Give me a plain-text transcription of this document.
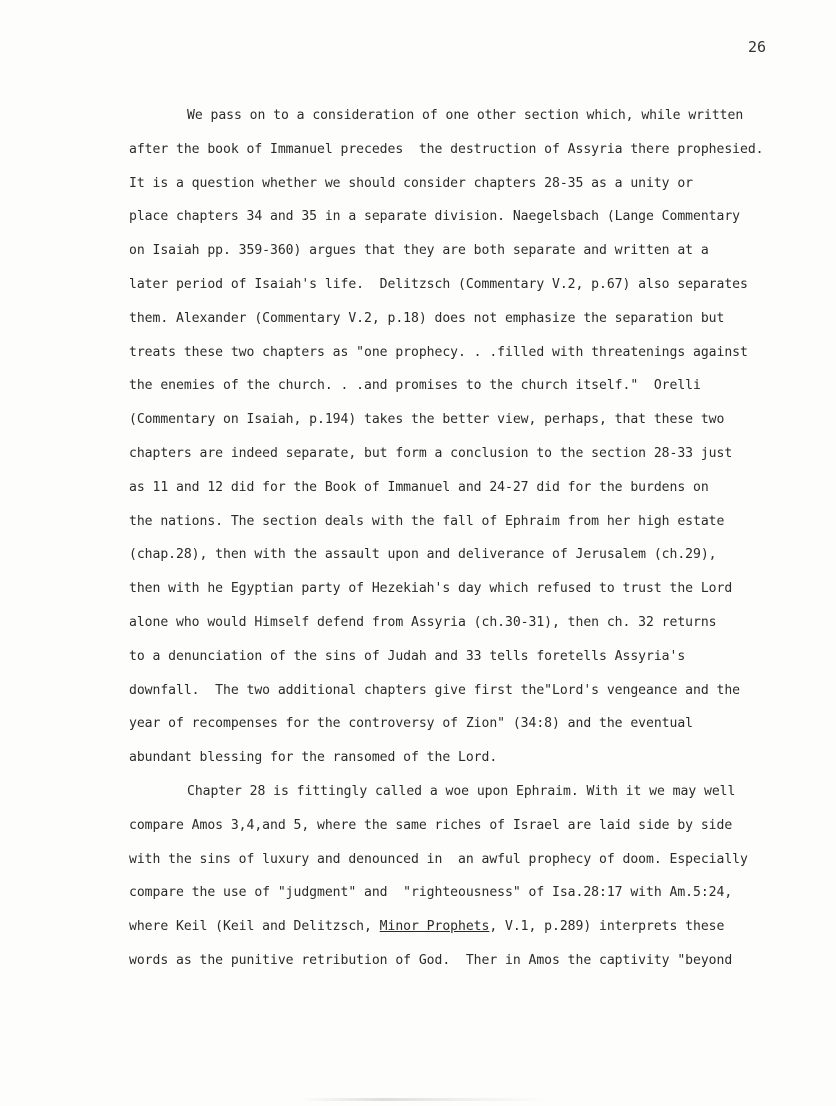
26
We pass on to a consideration of one other section which, while written
after the book of Immanuel precedes  the destruction of Assyria there prophesied.
It is a question whether we should consider chapters 28-35 as a unity or
place chapters 34 and 35 in a separate division. Naegelsbach (Lange Commentary
on Isaiah pp. 359-360) argues that they are both separate and written at a
later period of Isaiah's life.  Delitzsch (Commentary V.2, p.67) also separates
them. Alexander (Commentary V.2, p.18) does not emphasize the separation but
treats these two chapters as "one prophecy. . .filled with threatenings against
the enemies of the church. . .and promises to the church itself."  Orelli
(Commentary on Isaiah, p.194) takes the better view, perhaps, that these two
chapters are indeed separate, but form a conclusion to the section 28-33 just
as 11 and 12 did for the Book of Immanuel and 24-27 did for the burdens on
the nations. The section deals with the fall of Ephraim from her high estate
(chap.28), then with the assault upon and deliverance of Jerusalem (ch.29),
then with he Egyptian party of Hezekiah's day which refused to trust the Lord
alone who would Himself defend from Assyria (ch.30-31), then ch. 32 returns
to a denunciation of the sins of Judah and 33 tells foretells Assyria's
downfall.  The two additional chapters give first the"Lord's vengeance and the
year of recompenses for the controversy of Zion" (34:8) and the eventual
abundant blessing for the ransomed of the Lord.
Chapter 28 is fittingly called a woe upon Ephraim. With it we may well
compare Amos 3,4,and 5, where the same riches of Israel are laid side by side
with the sins of luxury and denounced in  an awful prophecy of doom. Especially
compare the use of "judgment" and  "righteousness" of Isa.28:17 with Am.5:24,
where Keil (Keil and Delitzsch, Minor Prophets, V.1, p.289) interprets these
words as the punitive retribution of God.  Ther in Amos the captivity "beyond
